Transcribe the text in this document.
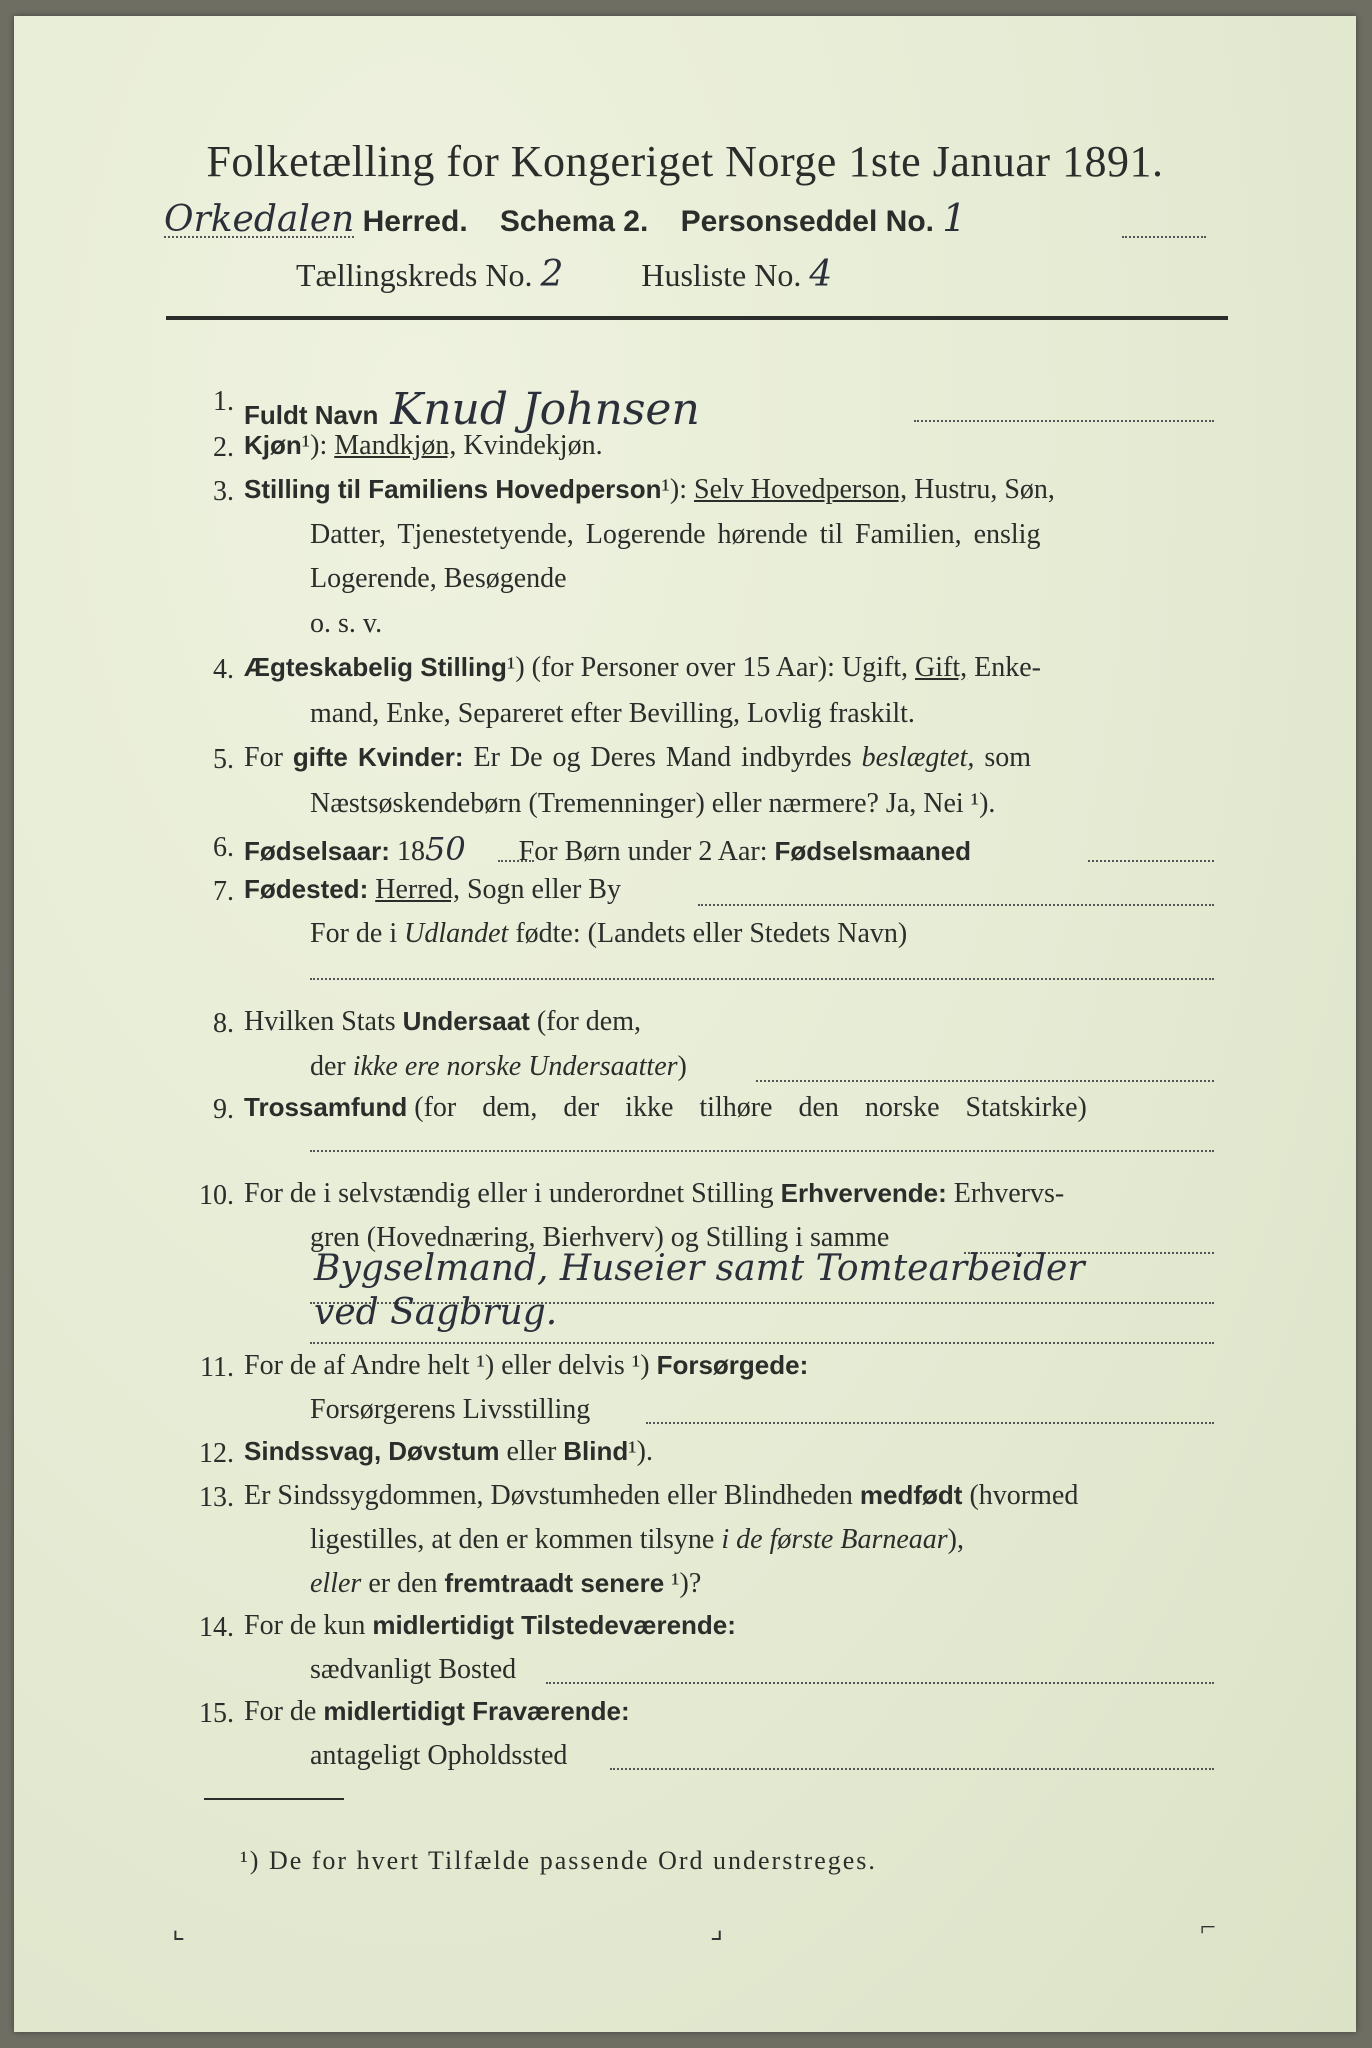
Folketælling for Kongeriget Norge 1ste Januar 1891.
Orkedalen Herred. Schema 2. Personseddel No. 1
Tællingskreds No. 2 Husliste No. 4
1. Fuldt Navn Knud Johnsen
2. Kjøn¹): Mandkjøn, Kvindekjøn.
3. Stilling til Familiens Hovedperson¹): Selv Hovedperson, Hustru, Søn,
Datter, Tjenestetyende, Logerende hørende til Familien, enslig
Logerende, Besøgende
o. s. v.
4. Ægteskabelig Stilling¹) (for Personer over 15 Aar): Ugift, Gift, Enke-
mand, Enke, Separeret efter Bevilling, Lovlig fraskilt.
5. For gifte Kvinder: Er De og Deres Mand indbyrdes beslægtet, som
Næstsøskendebørn (Tremenninger) eller nærmere? Ja, Nei ¹).
6. Fødselsaar: 1850 For Børn under 2 Aar: Fødselsmaaned
7. Fødested: Herred, Sogn eller By
For de i Udlandet fødte: (Landets eller Stedets Navn)
8. Hvilken Stats Undersaat (for dem,
der ikke ere norske Undersaatter)
9. Trossamfund (for  dem,  der  ikke  tilhøre  den  norske  Statskirke)
10. For de i selvstændig eller i underordnet Stilling Erhvervende: Erhvervs-
gren (Hovednæring, Bierhverv) og Stilling i samme
Bygselmand, Huseier samt Tomtearbeider
ved Sagbrug.
11. For de af Andre helt ¹) eller delvis ¹) Forsørgede:
Forsørgerens Livsstilling
12. Sindssvag, Døvstum eller Blind¹).
13. Er Sindssygdommen, Døvstumheden eller Blindheden medfødt (hvormed
ligestilles, at den er kommen tilsyne i de første Barneaar),
eller er den fremtraadt senere ¹)?
14. For de kun midlertidigt Tilstedeværende:
sædvanligt Bosted
15. For de midlertidigt Fraværende:
antageligt Opholdssted
¹) De for hvert Tilfælde passende Ord understreges.
⌞	⌟	⌐
